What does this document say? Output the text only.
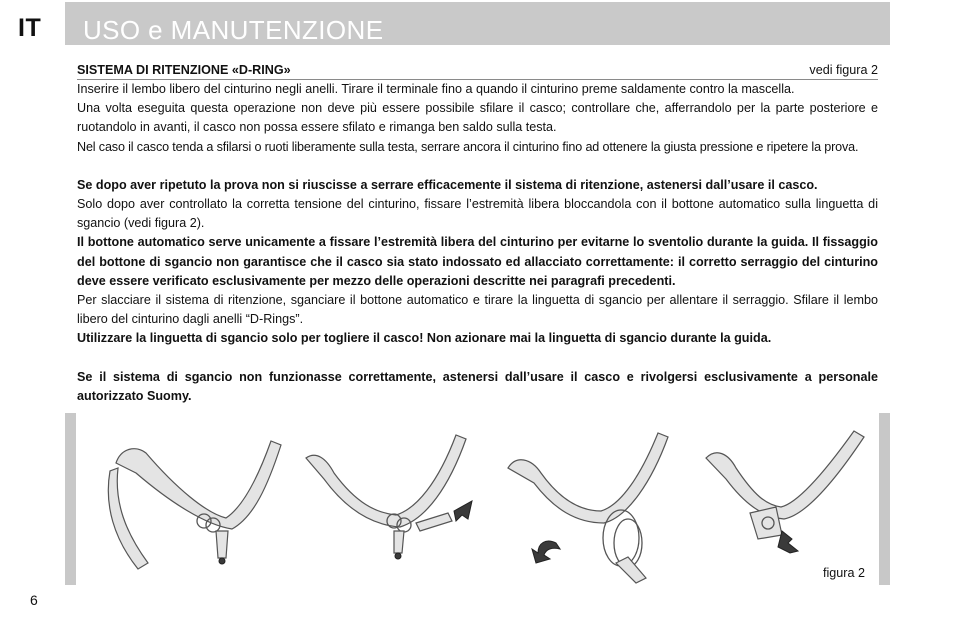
IT USO e MANUTENZIONE
SISTEMA DI RITENZIONE «D-RING»	vedi figura 2

Inserire il lembo libero del cinturino negli anelli. Tirare il terminale fino a quando il cinturino preme saldamente contro la mascella.

Una volta eseguita questa operazione non deve più essere possibile sfilare il casco; controllare che, afferrandolo per la parte posteriore e ruotandolo in avanti, il casco non possa essere sfilato e rimanga ben saldo sulla testa.

Nel caso il casco tenda a sfilarsi o ruoti liberamente sulla testa, serrare ancora il cinturino fino ad ottenere la giusta pressione e ripetere la prova.

Se dopo aver ripetuto la prova non si riuscisse a serrare efficacemente il sistema di ritenzione, astenersi dall’usare il casco.

Solo dopo aver controllato la corretta tensione del cinturino, fissare l’estremità libera bloccandola con il bottone automatico sulla linguetta di sgancio (vedi figura 2).

Il bottone automatico serve unicamente a fissare l’estremità libera del cinturino per evitarne lo sventolio durante la guida. Il fissaggio del bottone di sgancio non garantisce che il casco sia stato indossato ed allacciato correttamente: il corretto serraggio del cinturino deve essere verificato esclusivamente per mezzo delle operazioni descritte nei paragrafi precedenti.

Per slacciare il sistema di ritenzione, sganciare il bottone automatico e tirare la linguetta di sgancio per allentare il serraggio. Sfilare il lembo libero del cinturino dagli anelli “D-Rings”.

Utilizzare la linguetta di sgancio solo per togliere il casco! Non azionare mai la linguetta di sgancio durante la guida.

Se il sistema di sgancio non funzionasse correttamente, astenersi dall’usare il casco e rivolgersi esclusivamente a personale autorizzato Suomy.

figura 2
6
